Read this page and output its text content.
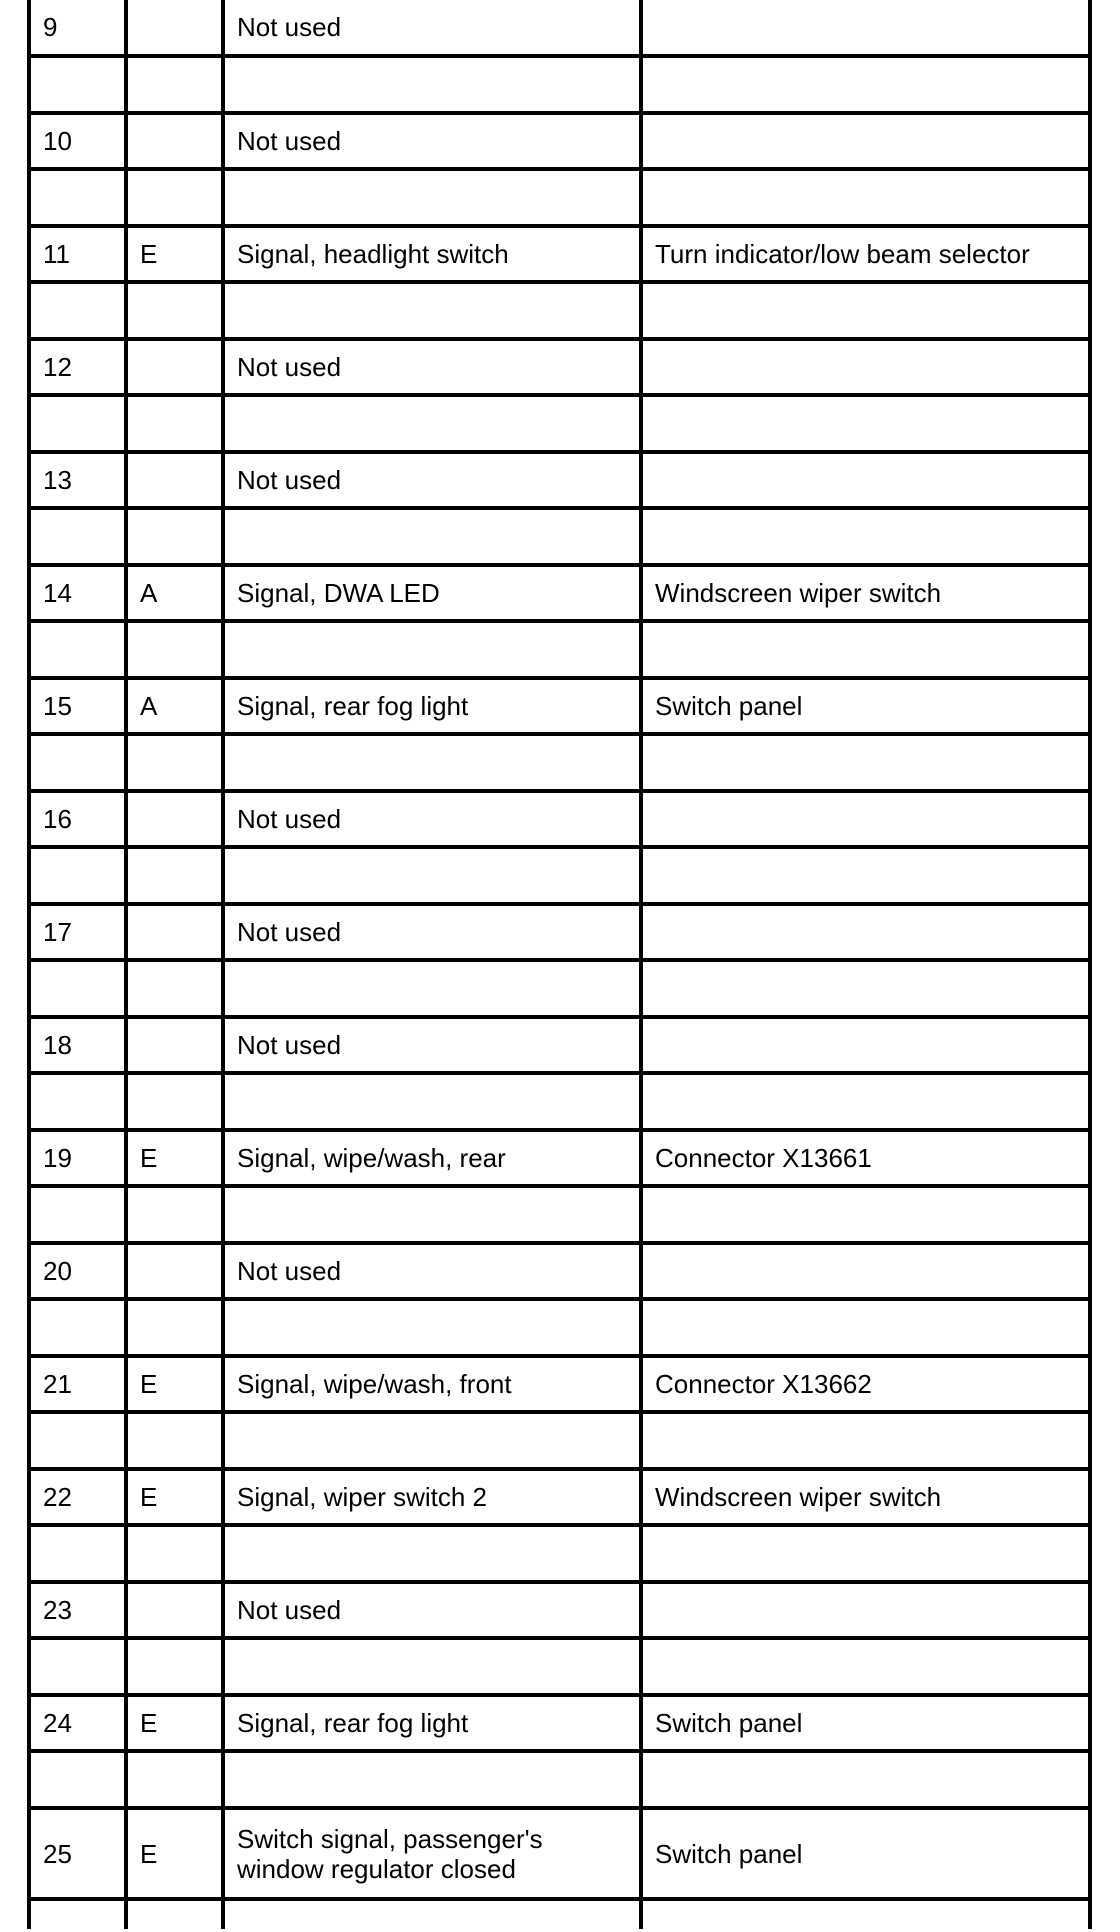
9		Not used	

10		Not used	

11	E	Signal, headlight switch	Turn indicator/low beam selector

12		Not used	

13		Not used	

14	A	Signal, DWA LED	Windscreen wiper switch

15	A	Signal, rear fog light	Switch panel

16		Not used	

17		Not used	

18		Not used	

19	E	Signal, wipe/wash, rear	Connector X13661

20		Not used	

21	E	Signal, wipe/wash, front	Connector X13662

22	E	Signal, wiper switch 2	Windscreen wiper switch

23		Not used	

24	E	Signal, rear fog light	Switch panel

25	E	Switch signal, passenger's
window regulator closed	Switch panel
